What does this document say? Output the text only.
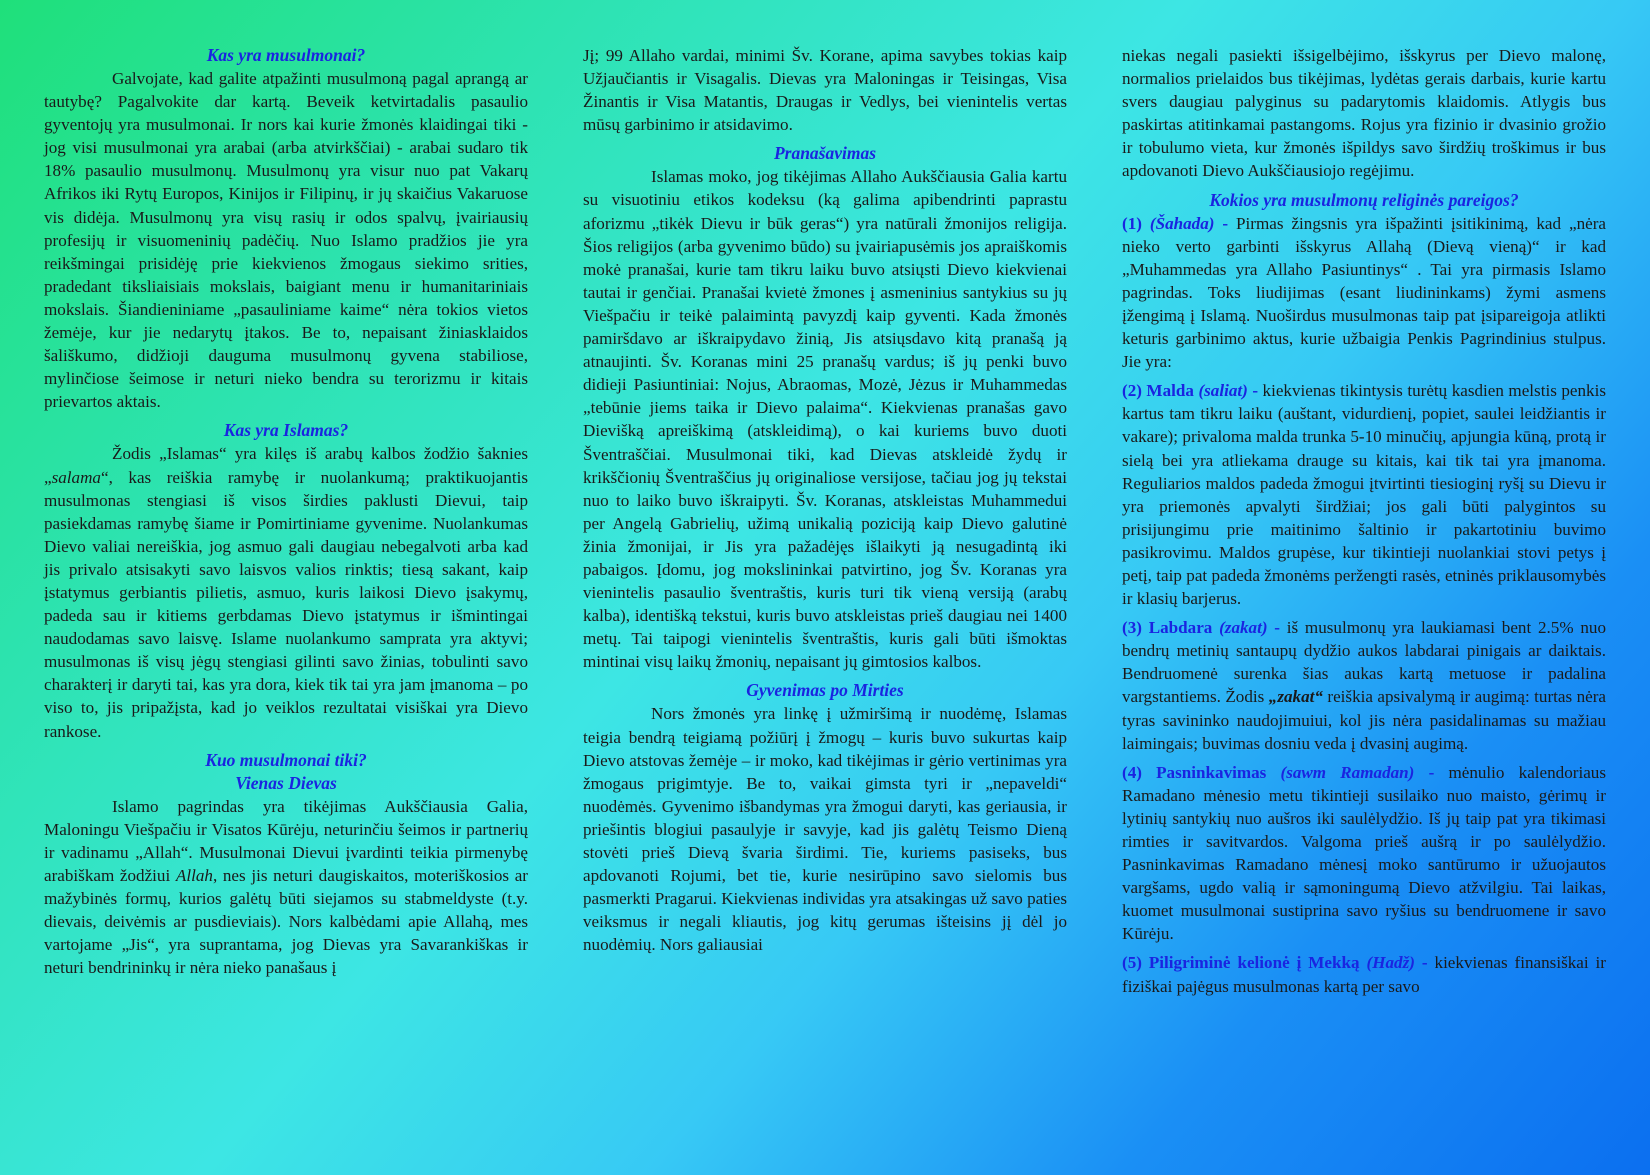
Kas yra musulmonai?

Galvojate, kad galite atpažinti musulmoną pagal aprangą ar tautybę? Pagalvokite dar kartą. Beveik ketvirtadalis pasaulio gyventojų yra musulmonai. Ir nors kai kurie žmonės klaidingai tiki - jog visi musulmonai yra arabai (arba atvirkščiai) - arabai sudaro tik 18% pasaulio musulmonų. Musulmonų yra visur nuo pat Vakarų Afrikos iki Rytų Europos, Kinijos ir Filipinų, ir jų skaičius Vakaruose vis didėja. Musulmonų yra visų rasių ir odos spalvų, įvairiausių profesijų ir visuomeninių padėčių. Nuo Islamo pradžios jie yra reikšmingai prisidėję prie kiekvienos žmogaus siekimo srities, pradedant tiksliaisiais mokslais, baigiant menu ir humanitariniais mokslais. Šiandieniniame „pasauliniame kaime“ nėra tokios vietos žemėje, kur jie nedarytų įtakos. Be to, nepaisant žiniasklaidos šališkumo, didžioji dauguma musulmonų gyvena stabiliose, mylinčiose šeimose ir neturi nieko bendra su terorizmu ir kitais prievartos aktais.

Kas yra Islamas?

Žodis „Islamas“ yra kilęs iš arabų kalbos žodžio šaknies „salama“, kas reiškia ramybę ir nuolankumą; praktikuojantis musulmonas stengiasi iš visos širdies paklusti Dievui, taip pasiekdamas ramybę šiame ir Pomirtiniame gyvenime. Nuolankumas Dievo valiai nereiškia, jog asmuo gali daugiau nebegalvoti arba kad jis privalo atsisakyti savo laisvos valios rinktis; tiesą sakant, kaip įstatymus gerbiantis pilietis, asmuo, kuris laikosi Dievo įsakymų, padeda sau ir kitiems gerbdamas Dievo įstatymus ir išmintingai naudodamas savo laisvę. Islame nuolankumo samprata yra aktyvi; musulmonas iš visų jėgų stengiasi gilinti savo žinias, tobulinti savo charakterį ir daryti tai, kas yra dora, kiek tik tai yra jam įmanoma – po viso to, jis pripažįsta, kad jo veiklos rezultatai visiškai yra Dievo rankose.

Kuo musulmonai tiki?

Vienas Dievas

Islamo pagrindas yra tikėjimas Aukščiausia Galia, Maloningu Viešpačiu ir Visatos Kūrėju, neturinčiu šeimos ir partnerių ir vadinamu „Allah“. Musulmonai Dievui įvardinti teikia pirmenybę arabiškam žodžiui Allah, nes jis neturi daugiskaitos, moteriškosios ar mažybinės formų, kurios galėtų būti siejamos su stabmeldyste (t.y. dievais, deivėmis ar pusdieviais). Nors kalbėdami apie Allahą, mes vartojame „Jis“, yra suprantama, jog Dievas yra Savarankiškas ir neturi bendrininkų ir nėra nieko panašaus į

Jį; 99 Allaho vardai, minimi Šv. Korane, apima savybes tokias kaip Užjaučiantis ir Visagalis. Dievas yra Maloningas ir Teisingas, Visa Žinantis ir Visa Matantis, Draugas ir Vedlys, bei vienintelis vertas mūsų garbinimo ir atsidavimo.

Pranašavimas

Islamas moko, jog tikėjimas Allaho Aukščiausia Galia kartu su visuotiniu etikos kodeksu (ką galima apibendrinti paprastu aforizmu „tikėk Dievu ir būk geras“) yra natūrali žmonijos religija. Šios religijos (arba gyvenimo būdo) su įvairiapusėmis jos apraiškomis mokė pranašai, kurie tam tikru laiku buvo atsiųsti Dievo kiekvienai tautai ir genčiai. Pranašai kvietė žmones į asmeninius santykius su jų Viešpačiu ir teikė palaimintą pavyzdį kaip gyventi. Kada žmonės pamiršdavo ar iškraipydavo žinią, Jis atsiųsdavo kitą pranašą ją atnaujinti. Šv. Koranas mini 25 pranašų vardus; iš jų penki buvo didieji Pasiuntiniai: Nojus, Abraomas, Mozė, Jėzus ir Muhammedas „tebūnie jiems taika ir Dievo palaima“. Kiekvienas pranašas gavo Dievišką apreiškimą (atskleidimą), o kai kuriems buvo duoti Šventraščiai. Musulmonai tiki, kad Dievas atskleidė žydų ir krikščionių Šventraščius jų originaliose versijose, tačiau jog jų tekstai nuo to laiko buvo iškraipyti. Šv. Koranas, atskleistas Muhammedui per Angelą Gabrielių, užimą unikalią poziciją kaip Dievo galutinė žinia žmonijai, ir Jis yra pažadėjęs išlaikyti ją nesugadintą iki pabaigos. Įdomu, jog mokslininkai patvirtino, jog Šv. Koranas yra vienintelis pasaulio šventraštis, kuris turi tik vieną versiją (arabų kalba), identišką tekstui, kuris buvo atskleistas prieš daugiau nei 1400 metų. Tai taipogi vienintelis šventraštis, kuris gali būti išmoktas mintinai visų laikų žmonių, nepaisant jų gimtosios kalbos.

Gyvenimas po Mirties

Nors žmonės yra linkę į užmiršimą ir nuodėmę, Islamas teigia bendrą teigiamą požiūrį į žmogų – kuris buvo sukurtas kaip Dievo atstovas žemėje – ir moko, kad tikėjimas ir gėrio vertinimas yra žmogaus prigimtyje. Be to, vaikai gimsta tyri ir „nepaveldi“ nuodėmės. Gyvenimo išbandymas yra žmogui daryti, kas geriausia, ir priešintis blogiui pasaulyje ir savyje, kad jis galėtų Teismo Dieną stovėti prieš Dievą švaria širdimi. Tie, kuriems pasiseks, bus apdovanoti Rojumi, bet tie, kurie nesirūpino savo sielomis bus pasmerkti Pragarui. Kiekvienas individas yra atsakingas už savo paties veiksmus ir negali kliautis, jog kitų gerumas išteisins jį dėl jo nuodėmių. Nors galiausiai

niekas negali pasiekti išsigelbėjimo, išskyrus per Dievo malonę, normalios prielaidos bus tikėjimas, lydėtas gerais darbais, kurie kartu svers daugiau palyginus su padarytomis klaidomis. Atlygis bus paskirtas atitinkamai pastangoms. Rojus yra fizinio ir dvasinio grožio ir tobulumo vieta, kur žmonės išpildys savo širdžių troškimus ir bus apdovanoti Dievo Aukščiausiojo regėjimu.

Kokios yra musulmonų religinės pareigos?

(1) (Šahada) - Pirmas žingsnis yra išpažinti įsitikinimą, kad „nėra nieko verto garbinti išskyrus Allahą (Dievą vieną)“ ir kad „Muhammedas yra Allaho Pasiuntinys“ . Tai yra pirmasis Islamo pagrindas. Toks liudijimas (esant liudininkams) žymi asmens įžengimą į Islamą. Nuoširdus musulmonas taip pat įsipareigoja atlikti keturis garbinimo aktus, kurie užbaigia Penkis Pagrindinius stulpus. Jie yra:

(2) Malda (saliat) - kiekvienas tikintysis turėtų kasdien melstis penkis kartus tam tikru laiku (auštant, vidurdienį, popiet, saulei leidžiantis ir vakare); privaloma malda trunka 5-10 minučių, apjungia kūną, protą ir sielą bei yra atliekama drauge su kitais, kai tik tai yra įmanoma. Reguliarios maldos padeda žmogui įtvirtinti tiesioginį ryšį su Dievu ir yra priemonės apvalyti širdžiai; jos gali būti palygintos su prisijungimu prie maitinimo šaltinio ir pakartotiniu buvimo pasikrovimu. Maldos grupėse, kur tikintieji nuolankiai stovi petys į petį, taip pat padeda žmonėms peržengti rasės, etninės priklausomybės ir klasių barjerus.

(3) Labdara (zakat) - iš musulmonų yra laukiamasi bent 2.5% nuo bendrų metinių santaupų dydžio aukos labdarai pinigais ar daiktais. Bendruomenė surenka šias aukas kartą metuose ir padalina vargstantiems. Žodis „zakat“ reiškia apsivalymą ir augimą: turtas nėra tyras savininko naudojimuiui, kol jis nėra pasidalinamas su mažiau laimingais; buvimas dosniu veda į dvasinį augimą.

(4) Pasninkavimas (sawm Ramadan) - mėnulio kalendoriaus Ramadano mėnesio metu tikintieji susilaiko nuo maisto, gėrimų ir lytinių santykių nuo aušros iki saulėlydžio. Iš jų taip pat yra tikimasi rimties ir savitvardos. Valgoma prieš aušrą ir po saulėlydžio. Pasninkavimas Ramadano mėnesį moko santūrumo ir užuojautos vargšams, ugdo valią ir sąmoningumą Dievo atžvilgiu. Tai laikas, kuomet musulmonai sustiprina savo ryšius su bendruomene ir savo Kūrėju.

(5) Piligriminė kelionė į Mekką (Hadž) - kiekvienas finansiškai ir fiziškai pajėgus musulmonas kartą per savo
